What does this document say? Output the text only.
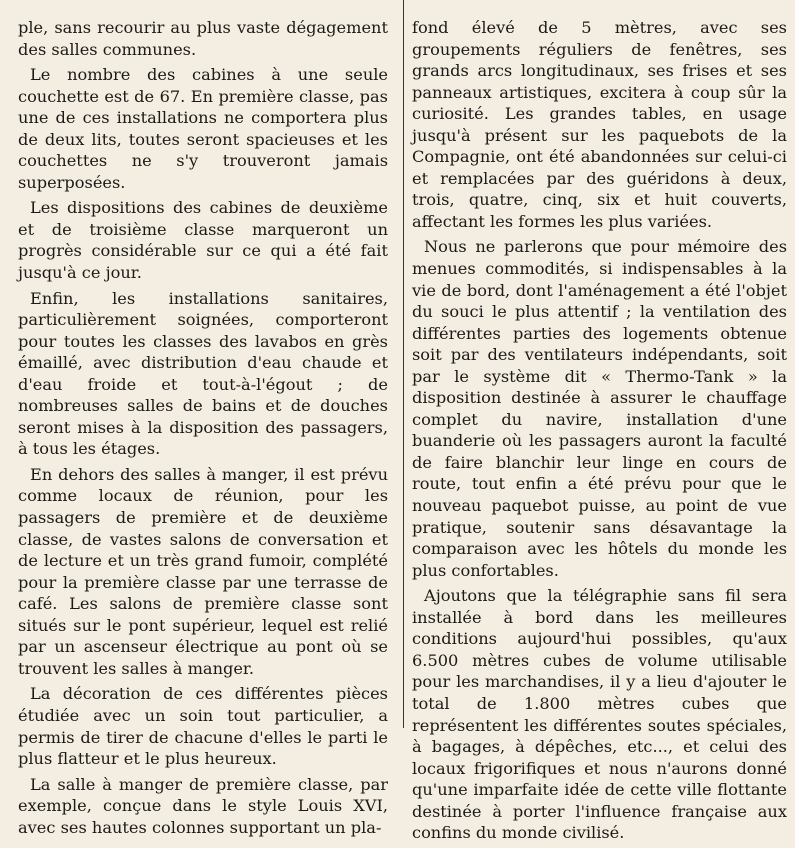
ple, sans recourir au plus vaste dégagement des salles communes.

Le nombre des cabines à une seule couchette est de 67. En première classe, pas une de ces installations ne comportera plus de deux lits, toutes seront spacieuses et les couchettes ne s'y trouveront jamais superposées.

Les dispositions des cabines de deuxième et de troisième classe marqueront un progrès considérable sur ce qui a été fait jusqu'à ce jour.

Enfin, les installations sanitaires, particulièrement soignées, comporteront pour toutes les classes des lavabos en grès émaillé, avec distribution d'eau chaude et d'eau froide et tout-à-l'égout ; de nombreuses salles de bains et de douches seront mises à la disposition des passagers, à tous les étages.

En dehors des salles à manger, il est prévu comme locaux de réunion, pour les passagers de première et de deuxième classe, de vastes salons de conversation et de lecture et un très grand fumoir, complété pour la première classe par une terrasse de café. Les salons de première classe sont situés sur le pont supérieur, lequel est relié par un ascenseur électrique au pont où se trouvent les salles à manger.

La décoration de ces différentes pièces étudiée avec un soin tout particulier, a permis de tirer de chacune d'elles le parti le plus flatteur et le plus heureux.

La salle à manger de première classe, par exemple, conçue dans le style Louis XVI, avec ses hautes colonnes supportant un pla-

fond élevé de 5 mètres, avec ses groupements réguliers de fenêtres, ses grands arcs longitudinaux, ses frises et ses panneaux artistiques, excitera à coup sûr la curiosité. Les grandes tables, en usage jusqu'à présent sur les paquebots de la Compagnie, ont été abandonnées sur celui-ci et remplacées par des guéridons à deux, trois, quatre, cinq, six et huit couverts, affectant les formes les plus variées.

Nous ne parlerons que pour mémoire des menues commodités, si indispensables à la vie de bord, dont l'aménagement a été l'objet du souci le plus attentif ; la ventilation des différentes parties des logements obtenue soit par des ventilateurs indépendants, soit par le système dit « Thermo-Tank » la disposition destinée à assurer le chauffage complet du navire, installation d'une buanderie où les passagers auront la faculté de faire blanchir leur linge en cours de route, tout enfin a été prévu pour que le nouveau paquebot puisse, au point de vue pratique, soutenir sans désavantage la comparaison avec les hôtels du monde les plus confortables.

Ajoutons que la télégraphie sans fil sera installée à bord dans les meilleures conditions aujourd'hui possibles, qu'aux 6.500 mètres cubes de volume utilisable pour les marchandises, il y a lieu d'ajouter le total de 1.800 mètres cubes que représentent les différentes soutes spéciales, à bagages, à dépêches, etc..., et celui des locaux frigorifiques et nous n'aurons donné qu'une imparfaite idée de cette ville flottante destinée à porter l'influence française aux confins du monde civilisé.
